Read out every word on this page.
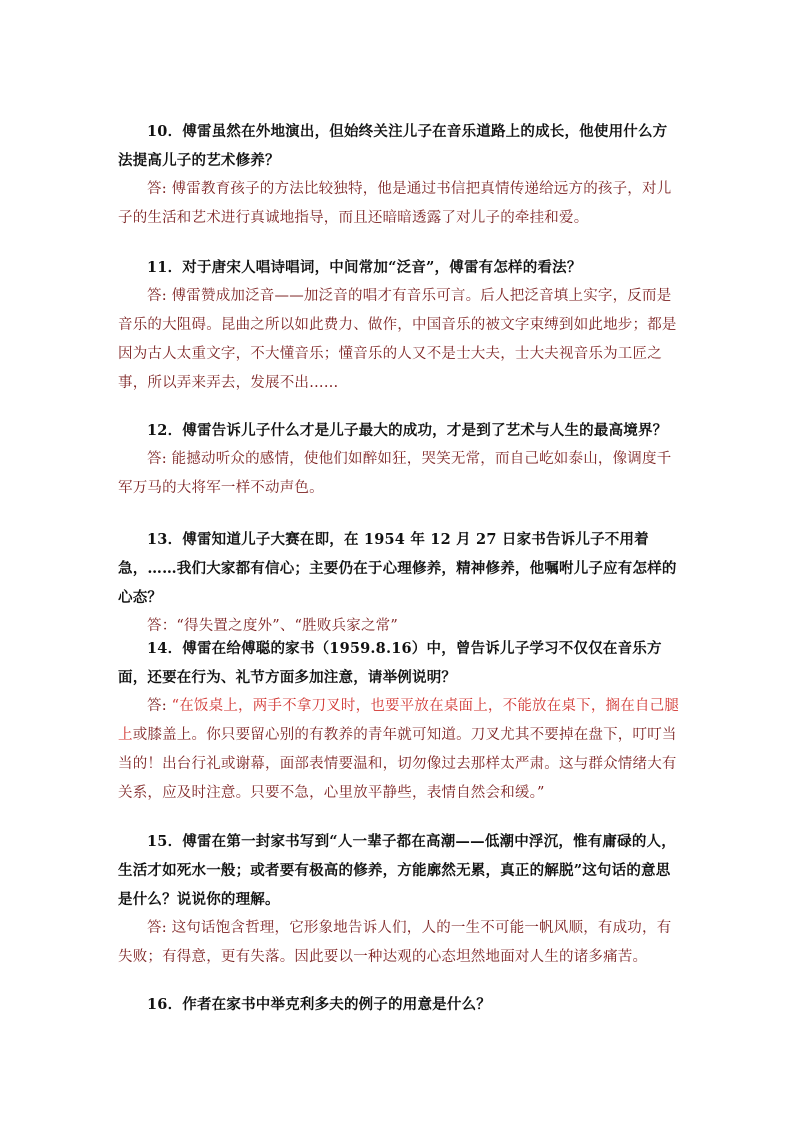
10．傅雷虽然在外地演出，但始终关注儿子在音乐道路上的成长，他使用什么方法提高儿子的艺术修养？

答: 傅雷教育孩子的方法比较独特，他是通过书信把真情传递给远方的孩子，对儿子的生活和艺术进行真诚地指导，而且还暗暗透露了对儿子的牵挂和爱。

11．对于唐宋人唱诗唱词，中间常加“泛音”，傅雷有怎样的看法？

答: 傅雷赞成加泛音——加泛音的唱才有音乐可言。后人把泛音填上实字，反而是音乐的大阻碍。昆曲之所以如此费力、做作，中国音乐的被文字束缚到如此地步；都是因为古人太重文字，不大懂音乐；懂音乐的人又不是士大夫，士大夫视音乐为工匠之事，所以弄来弄去，发展不出……

12．傅雷告诉儿子什么才是儿子最大的成功，才是到了艺术与人生的最高境界？

答: 能撼动听众的感情，使他们如醉如狂，哭笑无常，而自己屹如泰山，像调度千军万马的大将军一样不动声色。

13．傅雷知道儿子大赛在即，在 1954 年 12 月 27 日家书告诉儿子不用着急，……我们大家都有信心；主要仍在于心理修养，精神修养，他嘱咐儿子应有怎样的心态？

答：“得失置之度外”、“胜败兵家之常”

14．傅雷在给傅聪的家书（1959.8.16）中，曾告诉儿子学习不仅仅在音乐方面，还要在行为、礼节方面多加注意，请举例说明？

答: “在饭桌上，两手不拿刀叉时，也要平放在桌面上，不能放在桌下，搁在自己腿上或膝盖上。你只要留心别的有教养的青年就可知道。刀叉尤其不要掉在盘下，叮叮当当的！出台行礼或谢幕，面部表情要温和，切勿像过去那样太严肃。这与群众情绪大有关系，应及时注意。只要不急，心里放平静些，表情自然会和缓。”

15．傅雷在第一封家书写到“人一辈子都在高潮——低潮中浮沉，惟有庸碌的人，生活才如死水一般；或者要有极高的修养，方能廓然无累，真正的解脱”这句话的意思是什么？说说你的理解。

答: 这句话饱含哲理，它形象地告诉人们，人的一生不可能一帆风顺，有成功，有失败；有得意，更有失落。因此要以一种达观的心态坦然地面对人生的诸多痛苦。

16．作者在家书中举克利多夫的例子的用意是什么？
